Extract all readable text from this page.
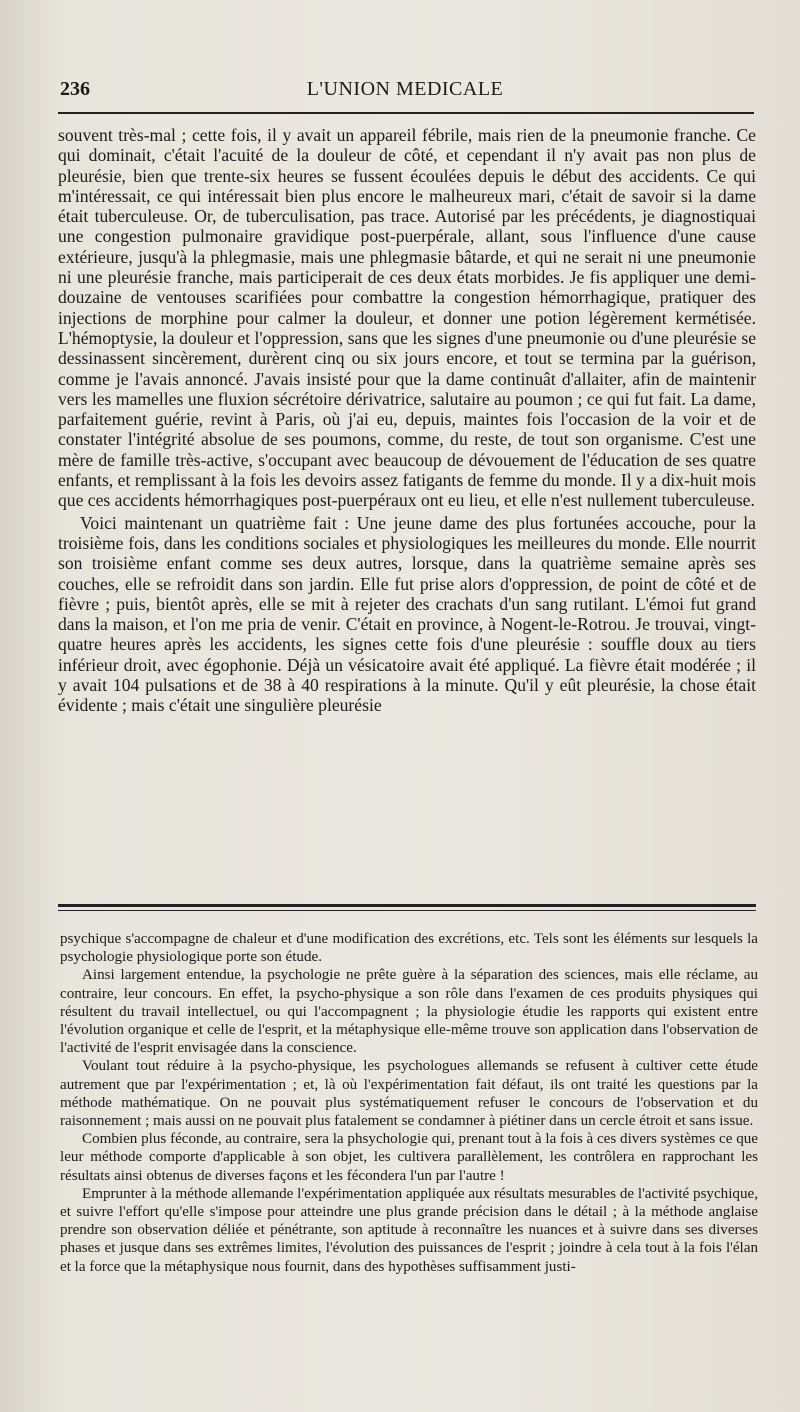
236	L'UNION MEDICALE

souvent très-mal ; cette fois, il y avait un appareil fébrile, mais rien de la pneumonie franche. Ce qui dominait, c'était l'acuité de la douleur de côté, et cependant il n'y avait pas non plus de pleurésie, bien que trente-six heures se fussent écoulées depuis le début des accidents. Ce qui m'intéressait, ce qui intéressait bien plus encore le malheureux mari, c'était de savoir si la dame était tuberculeuse. Or, de tuberculisation, pas trace. Autorisé par les précédents, je diagnostiquai une congestion pulmonaire gravidique post-puerpérale, allant, sous l'influence d'une cause extérieure, jusqu'à la phlegmasie, mais une phlegmasie bâtarde, et qui ne serait ni une pneumonie ni une pleurésie franche, mais participerait de ces deux états morbides. Je fis appliquer une demi-douzaine de ventouses scarifiées pour combattre la congestion hémorrhagique, pratiquer des injections de morphine pour calmer la douleur, et donner une potion légèrement kermétisée. L'hémoptysie, la douleur et l'oppression, sans que les signes d'une pneumonie ou d'une pleurésie se dessinassent sincèrement, durèrent cinq ou six jours encore, et tout se termina par la guérison, comme je l'avais annoncé. J'avais insisté pour que la dame continuât d'allaiter, afin de maintenir vers les mamelles une fluxion sécrétoire dérivatrice, salutaire au poumon ; ce qui fut fait. La dame, parfaitement guérie, revint à Paris, où j'ai eu, depuis, maintes fois l'occasion de la voir et de constater l'intégrité absolue de ses poumons, comme, du reste, de tout son organisme. C'est une mère de famille très-active, s'occupant avec beaucoup de dévouement de l'éducation de ses quatre enfants, et remplissant à la fois les devoirs assez fatigants de femme du monde. Il y a dix-huit mois que ces accidents hémorrhagiques post-puerpéraux ont eu lieu, et elle n'est nullement tuberculeuse.

Voici maintenant un quatrième fait : Une jeune dame des plus fortunées accouche, pour la troisième fois, dans les conditions sociales et physiologiques les meilleures du monde. Elle nourrit son troisième enfant comme ses deux autres, lorsque, dans la quatrième semaine après ses couches, elle se refroidit dans son jardin. Elle fut prise alors d'oppression, de point de côté et de fièvre ; puis, bientôt après, elle se mit à rejeter des crachats d'un sang rutilant. L'émoi fut grand dans la maison, et l'on me pria de venir. C'était en province, à Nogent-le-Rotrou. Je trouvai, vingt-quatre heures après les accidents, les signes cette fois d'une pleurésie : souffle doux au tiers inférieur droit, avec égophonie. Déjà un vésicatoire avait été appliqué. La fièvre était modérée ; il y avait 104 pulsations et de 38 à 40 respirations à la minute. Qu'il y eût pleurésie, la chose était évidente ; mais c'était une singulière pleurésie

psychique s'accompagne de chaleur et d'une modification des excrétions, etc. Tels sont les éléments sur lesquels la psychologie physiologique porte son étude.

Ainsi largement entendue, la psychologie ne prête guère à la séparation des sciences, mais elle réclame, au contraire, leur concours. En effet, la psycho-physique a son rôle dans l'examen de ces produits physiques qui résultent du travail intellectuel, ou qui l'accompagnent ; la physiologie étudie les rapports qui existent entre l'évolution organique et celle de l'esprit, et la métaphysique elle-même trouve son application dans l'observation de l'activité de l'esprit envisagée dans la conscience.

Voulant tout réduire à la psycho-physique, les psychologues allemands se refusent à cultiver cette étude autrement que par l'expérimentation ; et, là où l'expérimentation fait défaut, ils ont traité les questions par la méthode mathématique. On ne pouvait plus systématiquement refuser le concours de l'observation et du raisonnement ; mais aussi on ne pouvait plus fatalement se condamner à piétiner dans un cercle étroit et sans issue.

Combien plus féconde, au contraire, sera la phsychologie qui, prenant tout à la fois à ces divers systèmes ce que leur méthode comporte d'applicable à son objet, les cultivera parallèlement, les contrôlera en rapprochant les résultats ainsi obtenus de diverses façons et les fécondera l'un par l'autre !

Emprunter à la méthode allemande l'expérimentation appliquée aux résultats mesurables de l'activité psychique, et suivre l'effort qu'elle s'impose pour atteindre une plus grande précision dans le détail ; à la méthode anglaise prendre son observation déliée et pénétrante, son aptitude à reconnaître les nuances et à suivre dans ses diverses phases et jusque dans ses extrêmes limites, l'évolution des puissances de l'esprit ; joindre à cela tout à la fois l'élan et la force que la métaphysique nous fournit, dans des hypothèses suffisamment justi-
